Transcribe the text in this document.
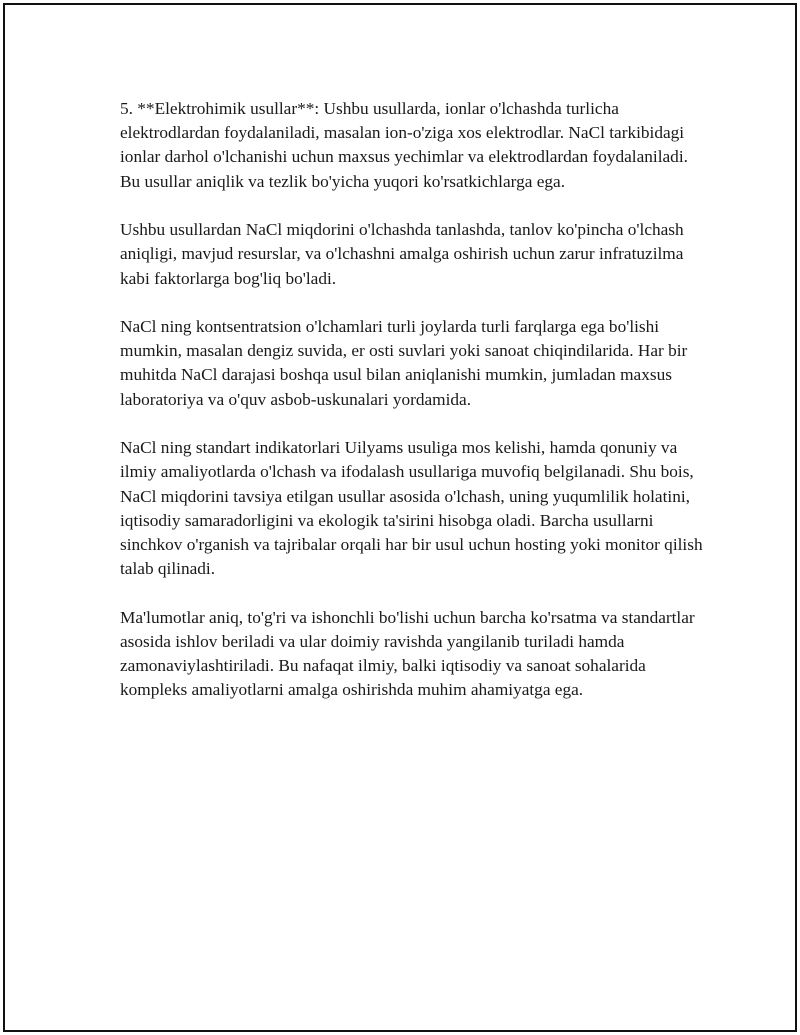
5. **Elektrohimik usullar**: Ushbu usullarda, ionlar o'lchashda turlicha elektrodlardan foydalaniladi, masalan ion-o'ziga xos elektrodlar. NaCl tarkibidagi ionlar darhol o'lchanishi uchun maxsus yechimlar va elektrodlardan foydalaniladi. Bu usullar aniqlik va tezlik bo'yicha yuqori ko'rsatkichlarga ega.

Ushbu usullardan NaCl miqdorini o'lchashda tanlashda, tanlov ko'pincha o'lchash aniqligi, mavjud resurslar, va o'lchashni amalga oshirish uchun zarur infratuzilma kabi faktorlarga bog'liq bo'ladi.

NaCl ning kontsentratsion o'lchamlari turli joylarda turli farqlarga ega bo'lishi mumkin, masalan dengiz suvida, er osti suvlari yoki sanoat chiqindilarida. Har bir muhitda NaCl darajasi boshqa usul bilan aniqlanishi mumkin, jumladan maxsus laboratoriya va o'quv asbob-uskunalari yordamida.

NaCl ning standart indikatorlari Uilyams usuliga mos kelishi, hamda qonuniy va ilmiy amaliyotlarda o'lchash va ifodalash usullariga muvofiq belgilanadi. Shu bois, NaCl miqdorini tavsiya etilgan usullar asosida o'lchash, uning yuqumlilik holatini, iqtisodiy samaradorligini va ekologik ta'sirini hisobga oladi. Barcha usullarni sinchkov o'rganish va tajribalar orqali har bir usul uchun hosting yoki monitor qilish talab qilinadi.

Ma'lumotlar aniq, to'g'ri va ishonchli bo'lishi uchun barcha ko'rsatma va standartlar asosida ishlov beriladi va ular doimiy ravishda yangilanib turiladi hamda zamonaviylashtiriladi. Bu nafaqat ilmiy, balki iqtisodiy va sanoat sohalarida kompleks amaliyotlarni amalga oshirishda muhim ahamiyatga ega.
